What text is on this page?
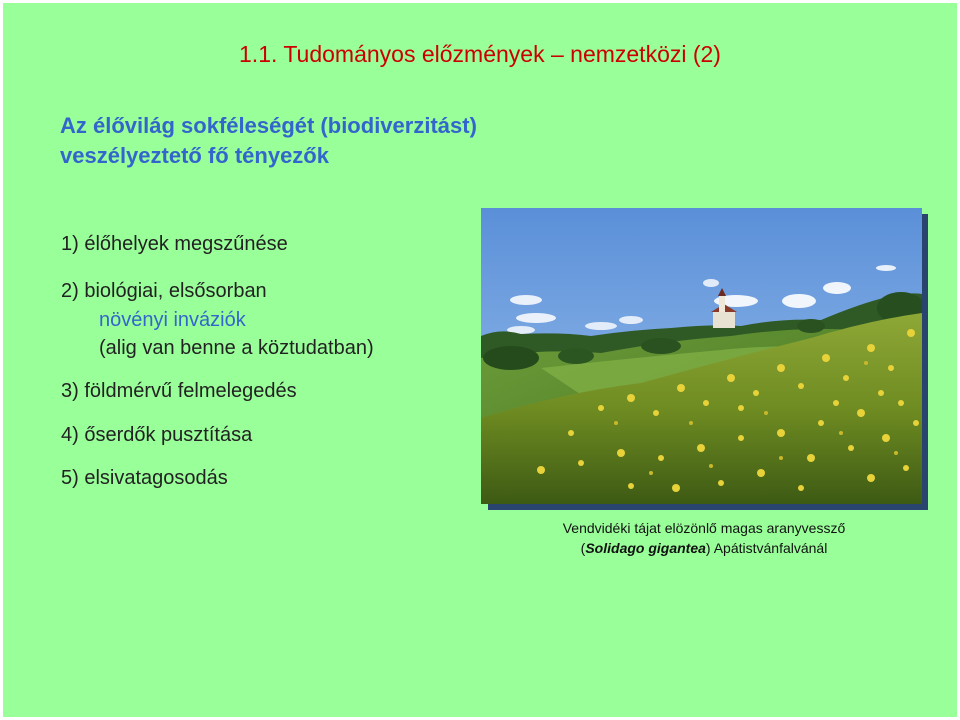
1.1. Tudományos előzmények – nemzetközi (2)
Az élővilág sokféleségét (biodiverzitást)
veszélyeztető fő tényezők
1) élőhelyek megszűnése
2) biológiai, elsősorban
növényi inváziók
(alig van benne a köztudatban)
3) földmérvű felmelegedés
4) őserdők pusztítása
5) elsivatagosodás
Vendvidéki tájat elözönlő magas aranyvessző
(Solidago gigantea) Apátistvánfalvánál
